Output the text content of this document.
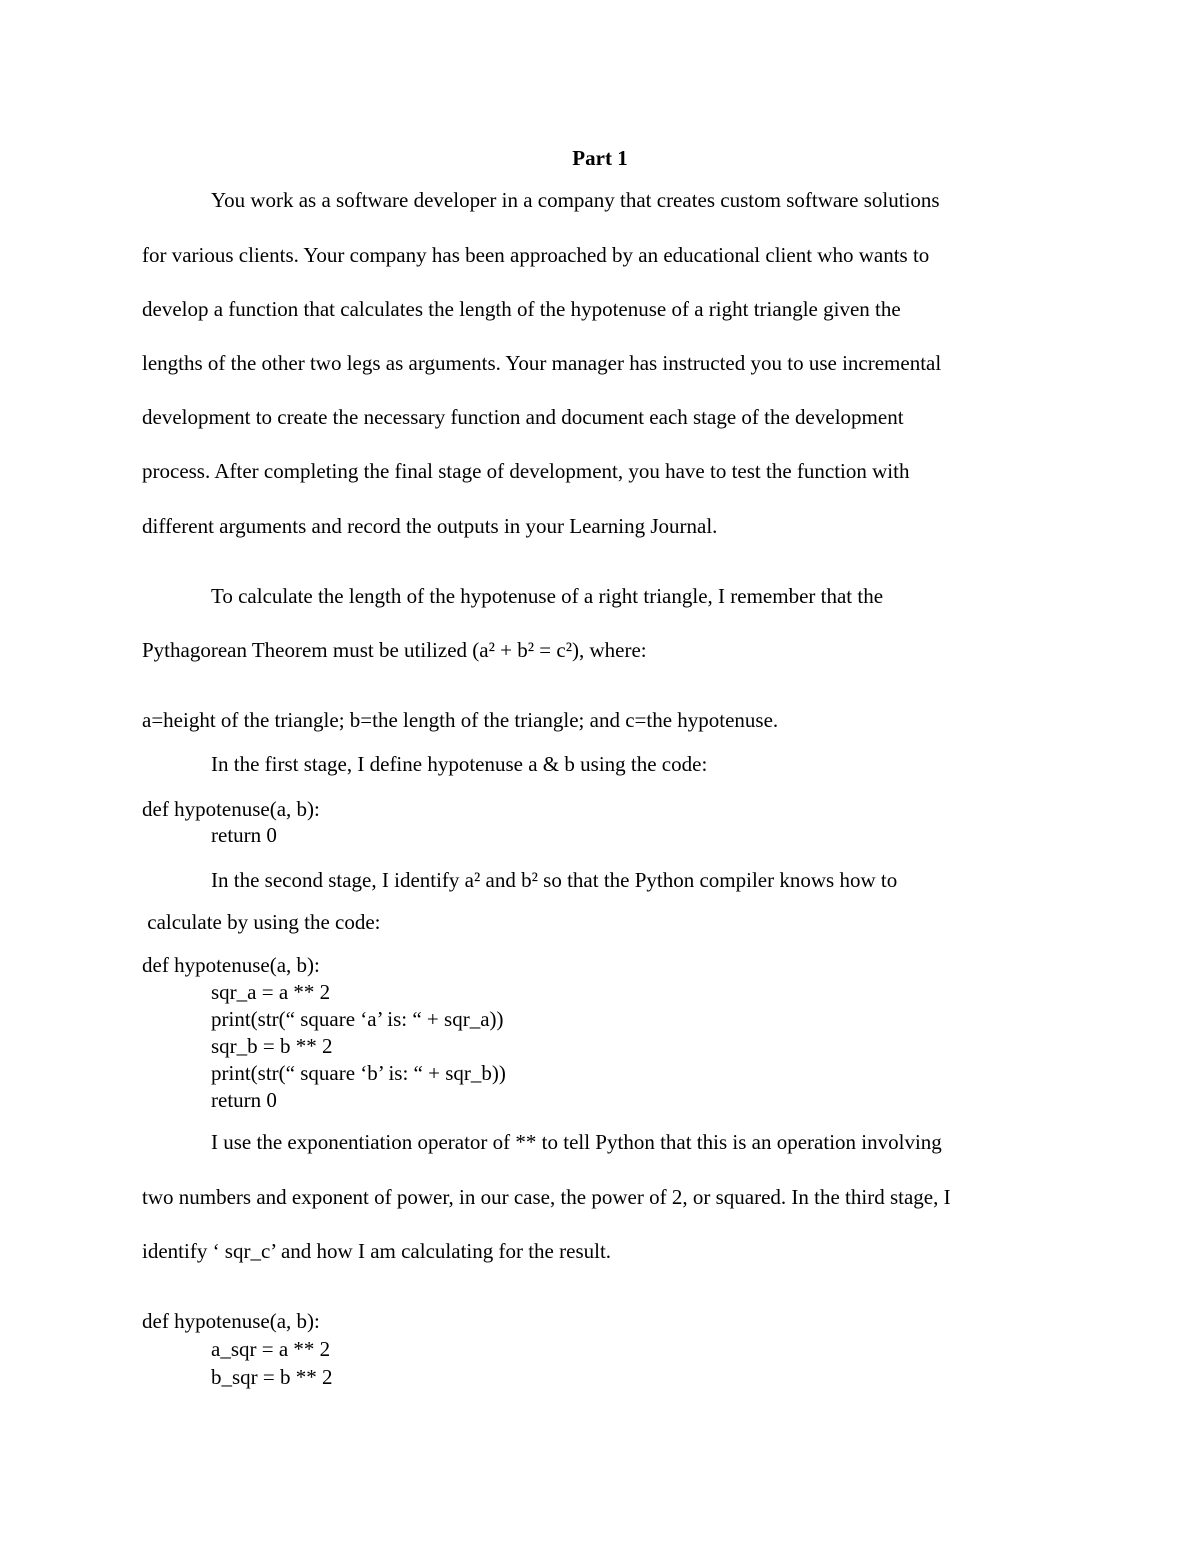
Part 1
You work as a software developer in a company that creates custom software solutions
for various clients. Your company has been approached by an educational client who wants to
develop a function that calculates the length of the hypotenuse of a right triangle given the
lengths of the other two legs as arguments. Your manager has instructed you to use incremental
development to create the necessary function and document each stage of the development
process. After completing the final stage of development, you have to test the function with
different arguments and record the outputs in your Learning Journal.
To calculate the length of the hypotenuse of a right triangle, I remember that the
Pythagorean Theorem must be utilized (a² + b² = c²), where:
a=height of the triangle; b=the length of the triangle; and c=the hypotenuse.
In the first stage, I define hypotenuse a & b using the code:
def hypotenuse(a, b):
return 0
In the second stage, I identify a² and b² so that the Python compiler knows how to
calculate by using the code:
def hypotenuse(a, b):
sqr_a = a ** 2
print(str(“ square ‘a’ is: “ + sqr_a))
sqr_b = b ** 2
print(str(“ square ‘b’ is: “ + sqr_b))
return 0
I use the exponentiation operator of ** to tell Python that this is an operation involving
two numbers and exponent of power, in our case, the power of 2, or squared. In the third stage, I
identify ‘ sqr_c’ and how I am calculating for the result.
def hypotenuse(a, b):
a_sqr = a ** 2
b_sqr = b ** 2
